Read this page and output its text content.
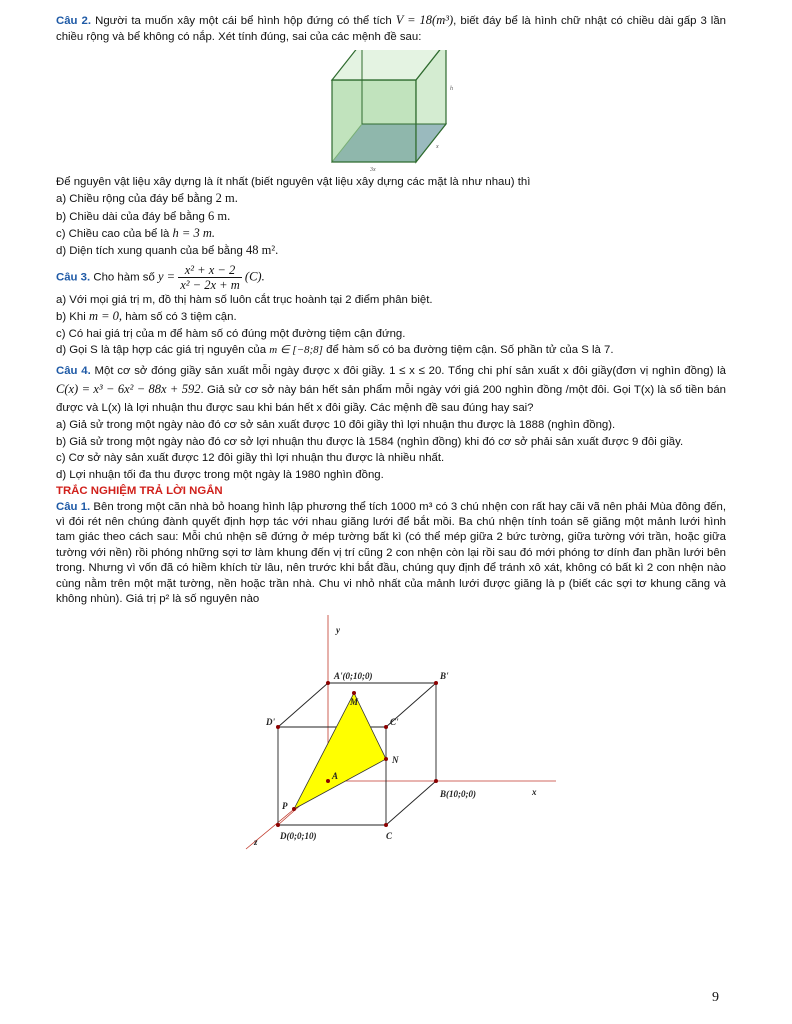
Câu 2. Người ta muốn xây một cái bể hình hộp đứng có thể tích V = 18(m³), biết đáy bể là hình chữ nhật có chiều dài gấp 3 lần chiều rộng và bể không có nắp. Xét tính đúng, sai của các mệnh đề sau:

h
x
3x

Để nguyên vật liệu xây dựng là ít nhất (biết nguyên vật liệu xây dựng các mặt là như nhau) thì

a) Chiều rộng của đáy bể bằng 2 m.

b) Chiều dài của đáy bể bằng 6 m.

c) Chiều cao của bể là h = 3 m.

d) Diện tích xung quanh của bể bằng 48 m².

Câu 3. Cho hàm số $y = \frac{\text{x² + x − 2}}{\text{x² − 2x + m}} (C)$.

a) Với mọi giá trị m, đồ thị hàm số luôn cắt trục hoành tại 2 điểm phân biệt.

b) Khi m = 0, hàm số có 3 tiệm cận.

c) Có hai giá trị của m để hàm số có đúng một đường tiệm cận đứng.

d) Gọi S là tập hợp các giá trị nguyên của m ∈ [−8;8] để hàm số có ba đường tiệm cận. Số phần tử của S là 7.

Câu 4. Một cơ sở đóng giầy sản xuất mỗi ngày được x đôi giầy. 1 ≤ x ≤ 20. Tổng chi phí sản xuất x đôi giầy(đơn vị nghìn đồng) là C(x) = x³ − 6x² − 88x + 592. Giả sử cơ sở này bán hết sản phẩm mỗi ngày với giá 200 nghìn đồng /một đôi. Gọi T(x) là số tiền bán được và L(x) là lợi nhuận thu được sau khi bán hết x đôi giầy. Các mệnh đề sau đúng hay sai?

a) Giả sử trong một ngày nào đó cơ sở sản xuất được 10 đôi giầy thì lợi nhuận thu được là 1888 (nghìn đồng).

b) Giả sử trong một ngày nào đó cơ sở lợi nhuận thu được là 1584 (nghìn đồng) khi đó cơ sở phải sản xuất được 9 đôi giầy.

c) Cơ sở này sản xuất được 12 đôi giầy thì lợi nhuận thu được là nhiều nhất.

d) Lợi nhuận tối đa thu được trong một ngày là 1980 nghìn đồng.

TRẮC NGHIỆM TRẢ LỜI NGẮN

Câu 1. Bên trong một căn nhà bỏ hoang hình lập phương thể tích 1000 m³ có 3 chú nhện con rất hay cãi vã nên phải Mùa đông đến, vì đói rét nên chúng đành quyết định hợp tác với nhau giăng lưới để bắt mồi. Ba chú nhện tính toán sẽ giăng một mảnh lưới hình tam giác theo cách sau: Mỗi chú nhện sẽ đứng ở mép tường bất kì (có thể mép giữa 2 bức tường, giữa tường với trần, hoặc giữa tường với nền) rồi phóng những sợi tơ làm khung đến vị trí cũng 2 con nhện còn lại rồi sau đó mới phóng tơ dính đan phần lưới bên trong. Nhưng vì vốn đã có hiềm khích từ lâu, nên trước khi bắt đầu, chúng quy định để tránh xô xát, không có bất kì 2 con nhện nào cùng nằm trên một mặt tường, nền hoặc trần nhà. Chu vi nhỏ nhất của mảnh lưới được giăng là p (biết các sợi tơ khung căng và không nhùn). Giá trị p² là số nguyên nào

y
x
z
A'(0;10;0)	B'
D'	C'
M
N
P
A
B(10;0;0)
D(0;0;10)	C
9
